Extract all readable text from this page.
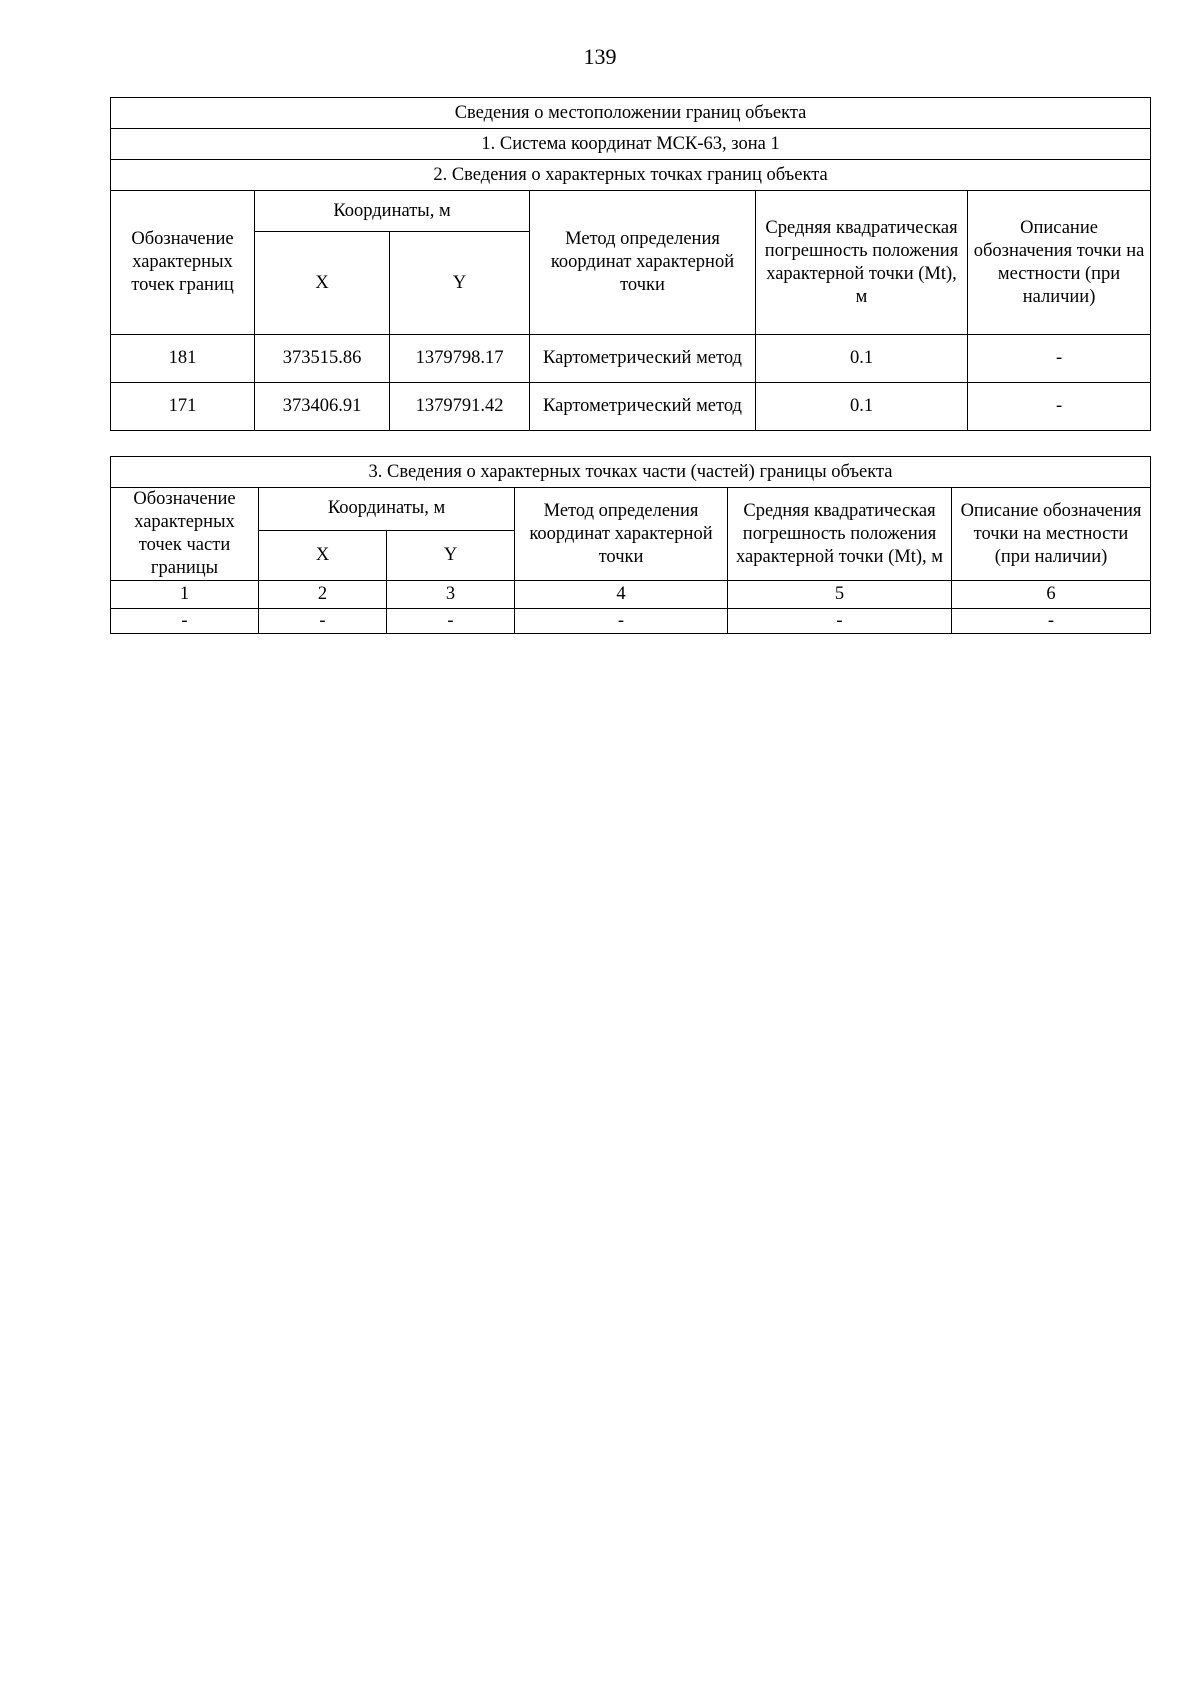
139
Сведения о местоположении границ объекта					
1. Система координат МСК-63, зона 1					
2. Сведения о характерных точках границ объекта					
Обозначение характерных точек границ	Координаты, м		Метод определения координат характерной точки	Средняя квадратическая погрешность положения характерной точки (Mt), м	Описание обозначения точки на местности (при наличии)
	X	Y			
181	373515.86	1379798.17	Картометрический метод	0.1	-
171	373406.91	1379791.42	Картометрический метод	0.1	-
3. Сведения о характерных точках части (частей) границы объекта					
Обозначение характерных точек части границы	Координаты, м		Метод определения координат характерной точки	Средняя квадратическая погрешность положения характерной точки (Mt), м	Описание обозначения точки на местности (при наличии)
	X	Y			
1	2	3	4	5	6
-	-	-	-	-	-
